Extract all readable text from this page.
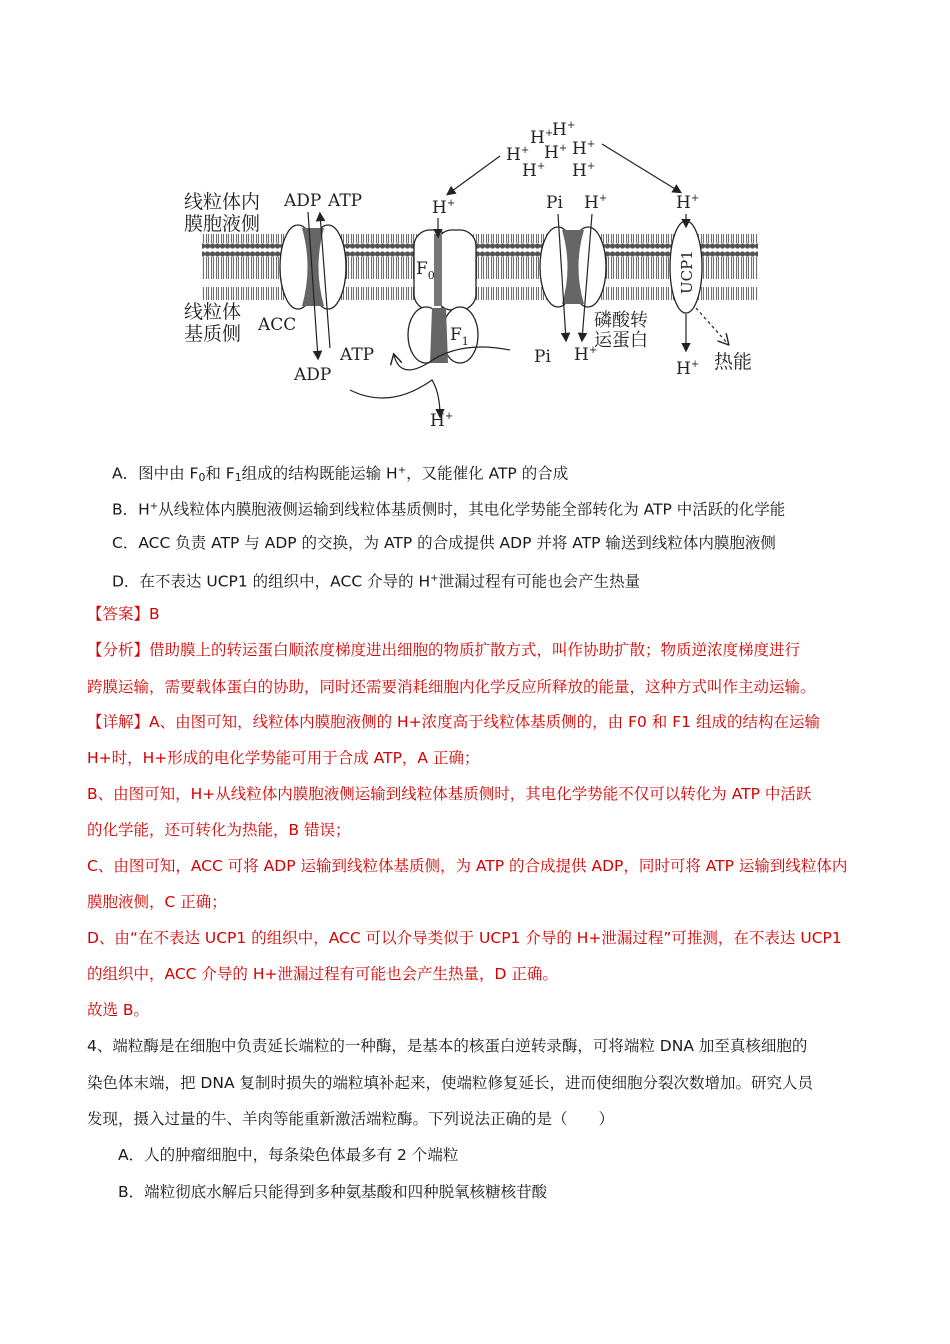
线粒体内
膜胞液侧
线粒体
基质侧
ADP ATP
ACC
ADP
H+
H+
H+ H+ H+
H+ H+
H+
$F_0$
$F_1$
ATP
H+
Pi H+
Pi H+
磷酸转
运蛋白
H+
UCP1
H+ 热能
A．图中由 $F_0$和 $F_1$组成的结构既能运输 H+，又能催化 ATP 的合成
B．H+从线粒体内膜胞液侧运输到线粒体基质侧时，其电化学势能全部转化为 ATP 中活跃的化学能
C．ACC 负责 ATP 与 ADP 的交换，为 ATP 的合成提供 ADP 并将 ATP 输送到线粒体内膜胞液侧
D．在不表达 UCP1 的组织中，ACC 介导的 H+泄漏过程有可能也会产生热量
【答案】B
【分析】借助膜上的转运蛋白顺浓度梯度进出细胞的物质扩散方式，叫作协助扩散；物质逆浓度梯度进行
跨膜运输，需要载体蛋白的协助，同时还需要消耗细胞内化学反应所释放的能量，这种方式叫作主动运输。
【详解】A、由图可知，线粒体内膜胞液侧的 H+浓度高于线粒体基质侧的，由 F0 和 F1 组成的结构在运输
H+时，H+形成的电化学势能可用于合成 ATP，A 正确；
B、由图可知，H+从线粒体内膜胞液侧运输到线粒体基质侧时，其电化学势能不仅可以转化为 ATP 中活跃
的化学能，还可转化为热能，B 错误；
C、由图可知，ACC 可将 ADP 运输到线粒体基质侧，为 ATP 的合成提供 ADP，同时可将 ATP 运输到线粒体内
膜胞液侧，C 正确；
D、由“在不表达 UCP1 的组织中，ACC 可以介导类似于 UCP1 介导的 H+泄漏过程”可推测，在不表达 UCP1
的组织中，ACC 介导的 H+泄漏过程有可能也会产生热量，D 正确。
故选 B。
4、端粒酶是在细胞中负责延长端粒的一种酶，是基本的核蛋白逆转录酶，可将端粒 DNA 加至真核细胞的
染色体末端，把 DNA 复制时损失的端粒填补起来，使端粒修复延长，进而使细胞分裂次数增加。研究人员
发现，摄入过量的牛、羊肉等能重新激活端粒酶。下列说法正确的是（　　）
A．人的肿瘤细胞中，每条染色体最多有 2 个端粒
B．端粒彻底水解后只能得到多种氨基酸和四种脱氧核糖核苷酸
